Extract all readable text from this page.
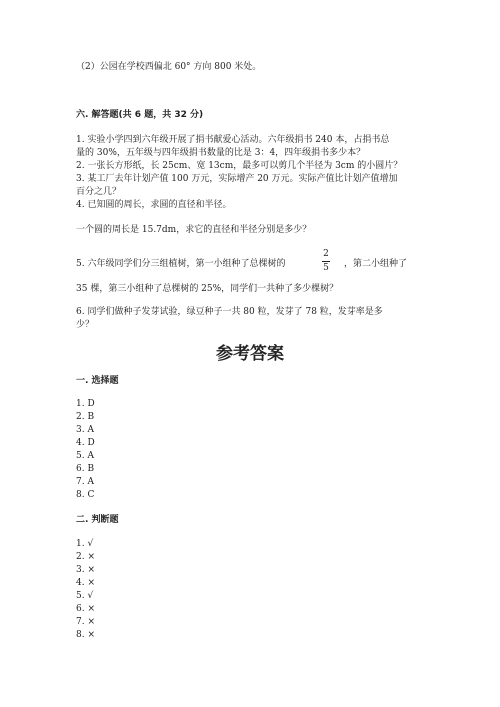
（2）公园在学校西偏北 60° 方向 800 米处。
六. 解答题(共 6 题，共 32 分)
1. 实验小学四到六年级开展了捐书献爱心活动。六年级捐书 240 本，占捐书总
量的 30%，五年级与四年级捐书数量的比是 3：4，四年级捐书多少本？
2. 一张长方形纸，长 25cm、宽 13cm，最多可以剪几个半径为 3cm 的小圆片？
3. 某工厂去年计划产值 100 万元，实际增产 20 万元。实际产值比计划产值增加
百分之几？
4. 已知圆的周长，求圆的直径和半径。
一个圆的周长是 15.7dm，求它的直径和半径分别是多少？
5. 六年级同学们分三组植树，第一小组种了总棵树的
2
5	，第二小组种了
35 棵，第三小组种了总棵树的 25%，同学们一共种了多少棵树？
6. 同学们做种子发芽试验，绿豆种子一共 80 粒，发芽了 78 粒，发芽率是多
少？
参考答案
一. 选择题
1. D
2. B
3. A
4. D
5. A
6. B
7. A
8. C
二. 判断题
1. √
2. ×
3. ×
4. ×
5. √
6. ×
7. ×
8. ×
